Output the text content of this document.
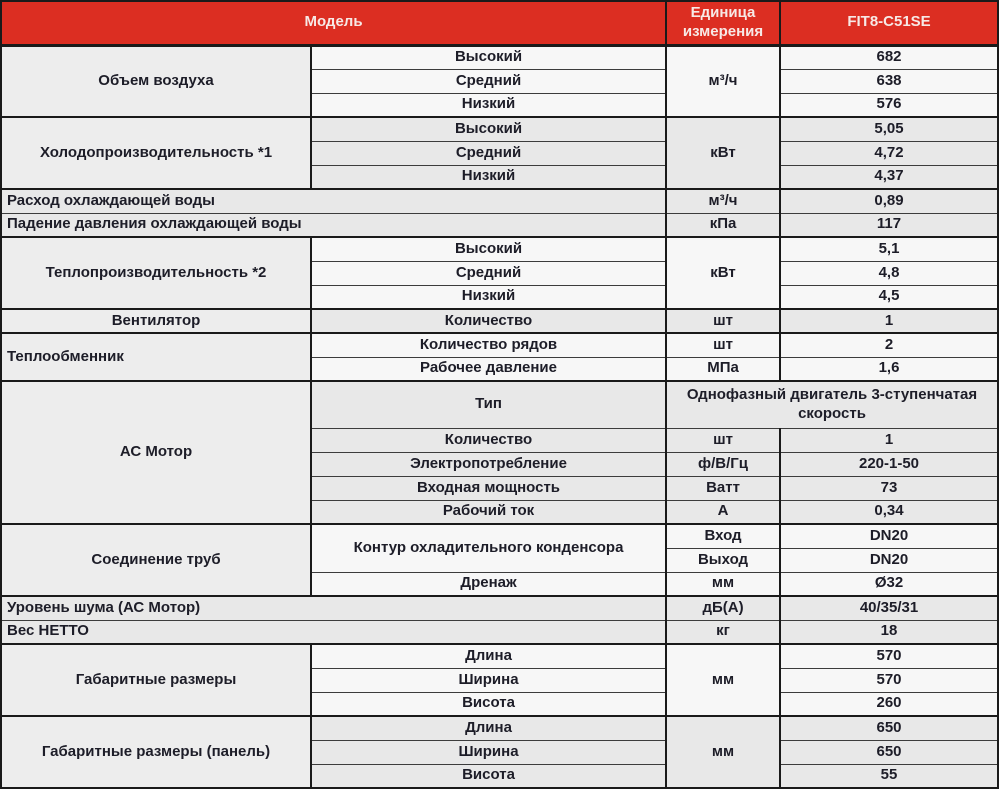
Модель		Единица измерения	FIT8-C51SE
Объем воздуха	Высокий	м³/ч	682
	Средний		638
	Низкий		576
Холодопроизводительность *1	Высокий	кВт	5,05
	Средний		4,72
	Низкий		4,37
Расход охлаждающей воды		м³/ч	0,89
Падение давления охлаждающей воды		кПа	117
Теплопроизводительность *2	Высокий	кВт	5,1
	Средний		4,8
	Низкий		4,5
Вентилятор	Количество	шт	1
Теплообменник	Количество рядов	шт	2
	Рабочее давление	МПа	1,6
АС Мотор	Тип	Однофазный двигатель 3-ступенчатая скорость	
	Количество	шт	1
	Электропотребление	ф/В/Гц	220-1-50
	Входная мощность	Ватт	73
	Рабочий ток	А	0,34
Соединение труб	Контур охладительного конденсора	Вход	DN20
		Выход	DN20
	Дренаж	мм	Ø32
Уровень шума (АС Мотор)		дБ(А)	40/35/31
Вес НЕТТО		кг	18
Габаритные размеры	Длина	мм	570
	Ширина		570
	Висота		260
Габаритные размеры (панель)	Длина	мм	650
	Ширина		650
	Висота		55
